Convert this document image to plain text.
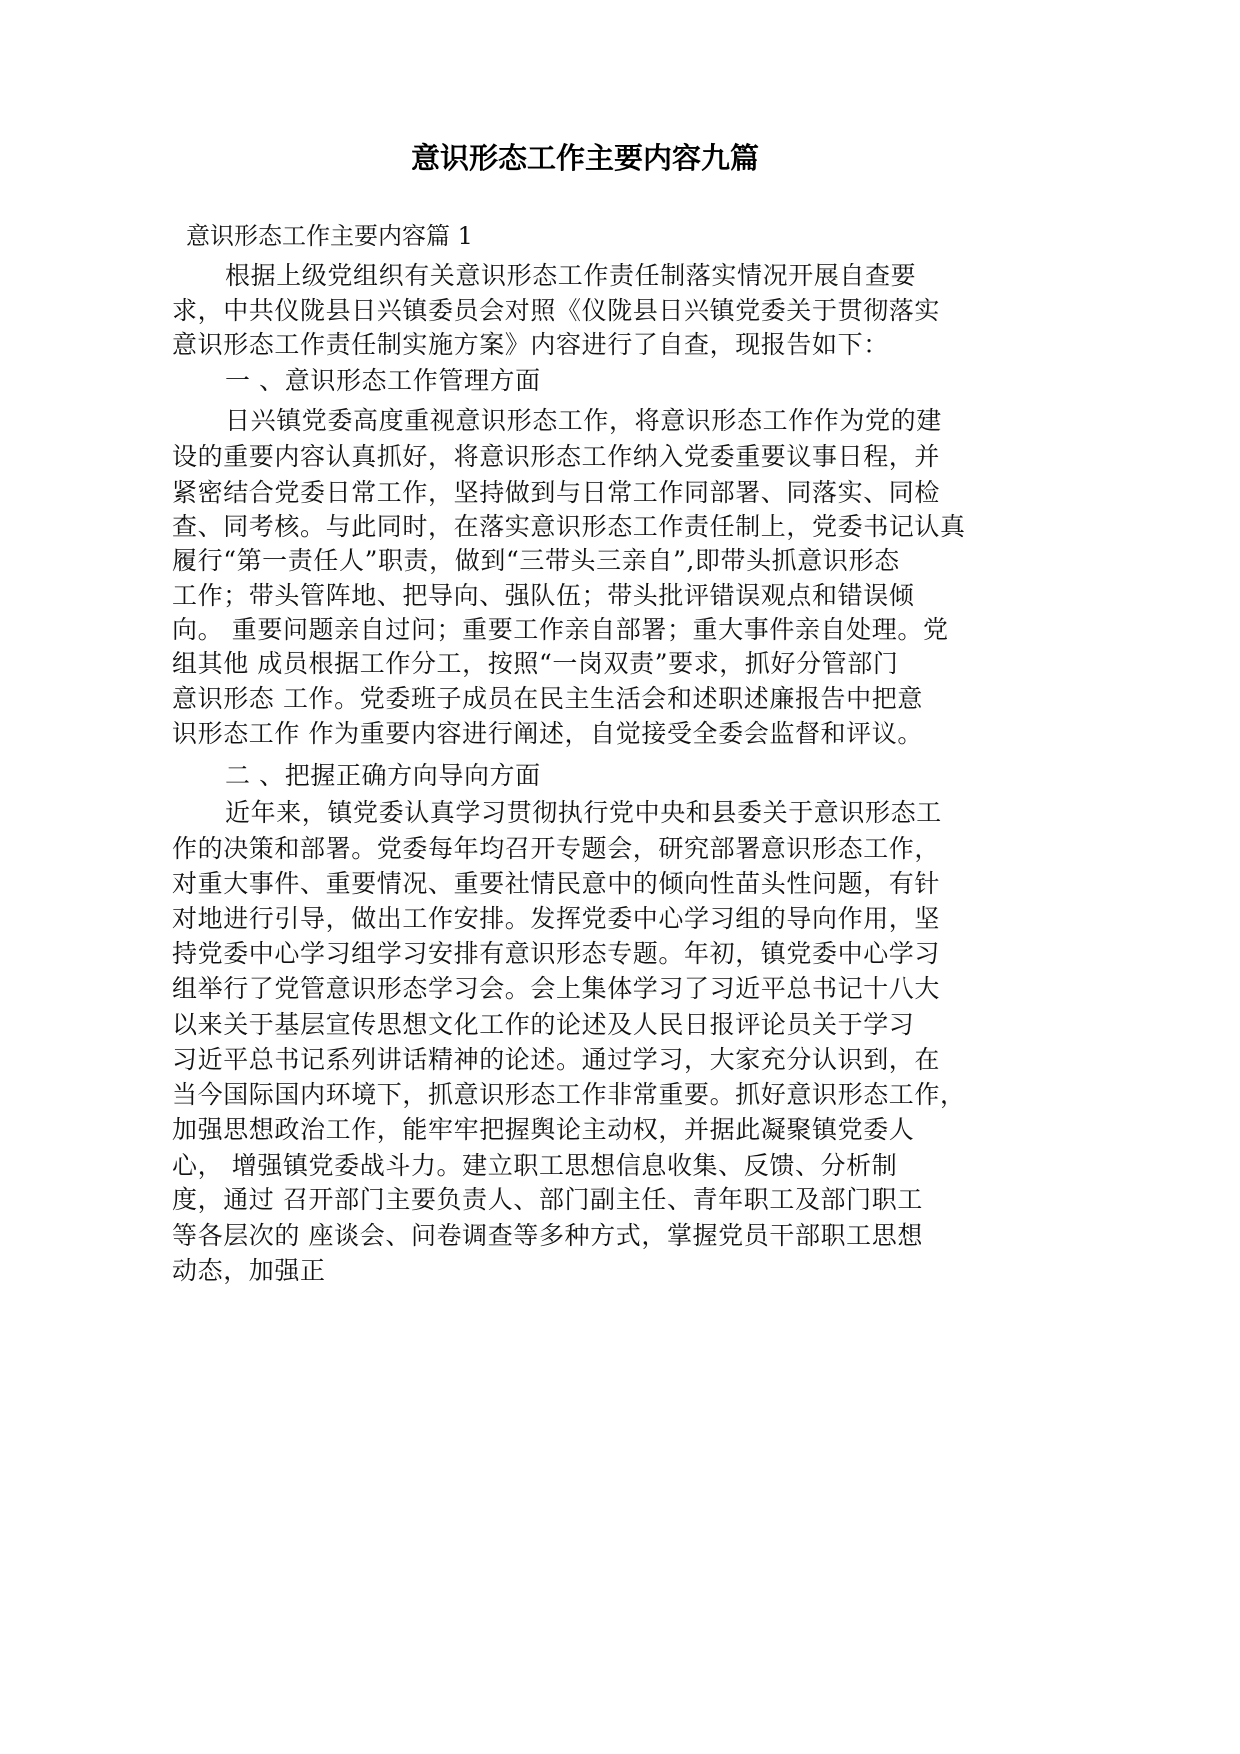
意识形态工作主要内容九篇
意识形态工作主要内容篇 1
根据上级党组织有关意识形态工作责任制落实情况开展自查要
求，中共仪陇县日兴镇委员会对照《仪陇县日兴镇党委关于贯彻落实
意识形态工作责任制实施方案》内容进行了自查，现报告如下：
一 、意识形态工作管理方面
日兴镇党委高度重视意识形态工作，将意识形态工作作为党的建
设的重要内容认真抓好，将意识形态工作纳入党委重要议事日程，并
紧密结合党委日常工作，坚持做到与日常工作同部署、同落实、同检
查、同考核。与此同时，在落实意识形态工作责任制上，党委书记认真
履行“第一责任人”职责，做到“三带头三亲自”,即带头抓意识形态
工作；带头管阵地、把导向、强队伍；带头批评错误观点和错误倾
向。 重要问题亲自过问；重要工作亲自部署；重大事件亲自处理。党
组其他 成员根据工作分工，按照“一岗双责”要求，抓好分管部门
意识形态 工作。党委班子成员在民主生活会和述职述廉报告中把意
识形态工作 作为重要内容进行阐述，自觉接受全委会监督和评议。
二 、把握正确方向导向方面
近年来，镇党委认真学习贯彻执行党中央和县委关于意识形态工
作的决策和部署。党委每年均召开专题会，研究部署意识形态工作，
对重大事件、重要情况、重要社情民意中的倾向性苗头性问题，有针
对地进行引导，做出工作安排。发挥党委中心学习组的导向作用，坚
持党委中心学习组学习安排有意识形态专题。年初，镇党委中心学习
组举行了党管意识形态学习会。会上集体学习了习近平总书记十八大
以来关于基层宣传思想文化工作的论述及人民日报评论员关于学习
习近平总书记系列讲话精神的论述。通过学习，大家充分认识到，在
当今国际国内环境下，抓意识形态工作非常重要。抓好意识形态工作，
加强思想政治工作，能牢牢把握舆论主动权，并据此凝聚镇党委人
心， 增强镇党委战斗力。建立职工思想信息收集、反馈、分析制
度，通过 召开部门主要负责人、部门副主任、青年职工及部门职工
等各层次的 座谈会、问卷调查等多种方式，掌握党员干部职工思想
动态，加强正
